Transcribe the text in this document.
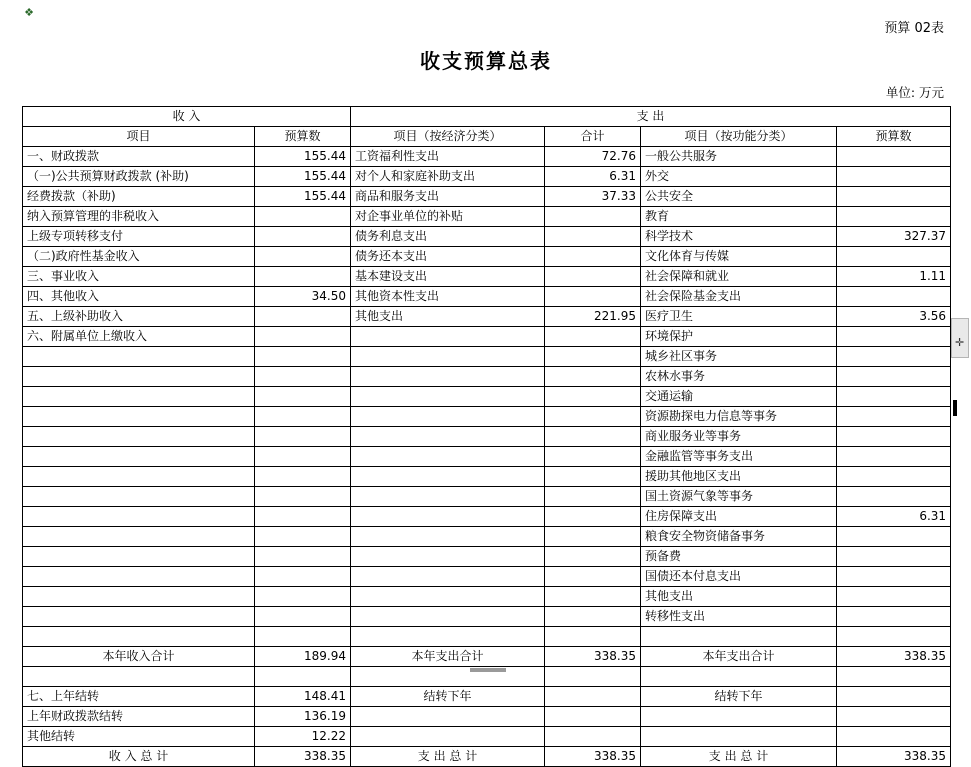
❖
预算 02表
收支预算总表
单位: 万元
收 入		支 出			
项目	预算数	项目（按经济分类）	合计	项目（按功能分类）	预算数
一、财政拨款	155.44	工资福利性支出	72.76	一般公共服务	
（一)公共预算财政拨款 (补助)	155.44	对个人和家庭补助支出	6.31	外交	
经费拨款（补助)	155.44	商品和服务支出	37.33	公共安全	
纳入预算管理的非税收入		对企事业单位的补贴		教育	
上级专项转移支付		债务利息支出		科学技术	327.37
（二)政府性基金收入		债务还本支出		文化体育与传媒	
三、事业收入		基本建设支出		社会保障和就业	1.11
四、其他收入	34.50	其他资本性支出		社会保险基金支出	
五、上级补助收入		其他支出	221.95	医疗卫生	3.56
六、附属单位上缴收入				环境保护	
				城乡社区事务	
				农林水事务	
				交通运输	
				资源勘探电力信息等事务	
				商业服务业等事务	
				金融监管等事务支出	
				援助其他地区支出	
				国土资源气象等事务	
				住房保障支出	6.31
				粮食安全物资储备事务	
				预备费	
				国债还本付息支出	
				其他支出	
				转移性支出	

本年收入合计	189.94	本年支出合计	338.35	本年支出合计	338.35

七、上年结转	148.41	结转下年		结转下年	
上年财政拨款结转	136.19				
其他结转	12.22				
收 入 总 计	338.35	支 出 总 计	338.35	支 出 总 计	338.35
✛
